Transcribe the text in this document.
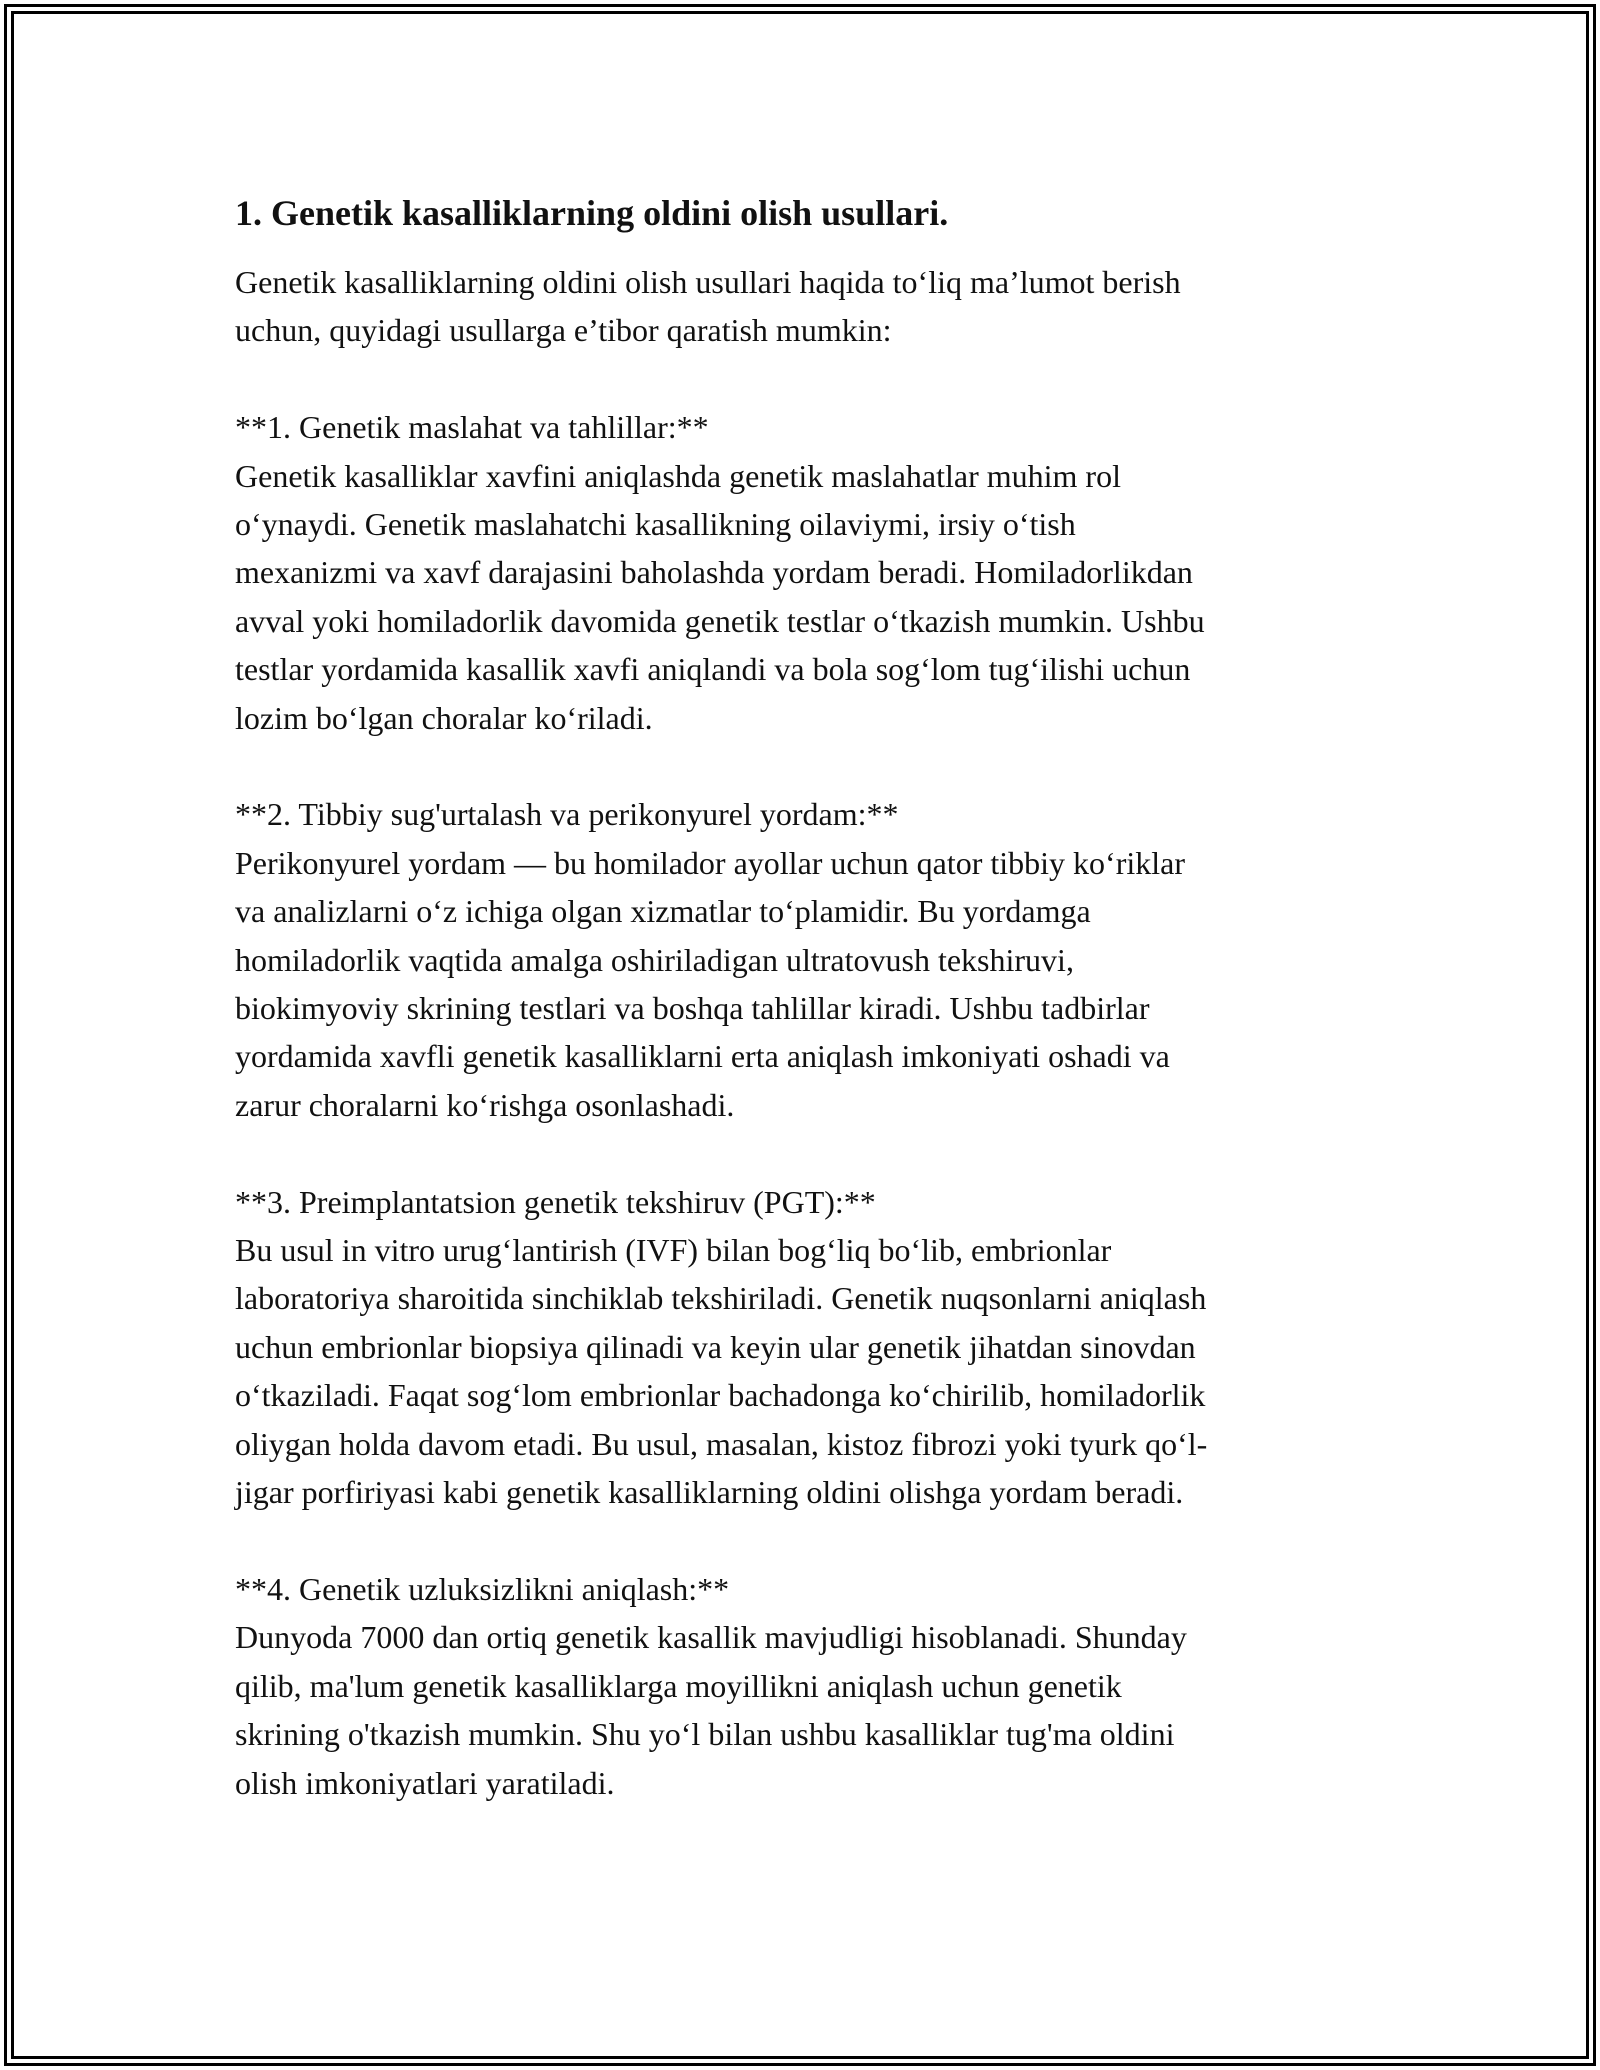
1. Genetik kasalliklarning oldini olish usullari.

Genetik kasalliklarning oldini olish usullari haqida to‘liq ma’lumot berish
uchun, quyidagi usullarga e’tibor qaratish mumkin:

**1. Genetik maslahat va tahlillar:**

Genetik kasalliklar xavfini aniqlashda genetik maslahatlar muhim rol
o‘ynaydi. Genetik maslahatchi kasallikning oilaviymi, irsiy o‘tish
mexanizmi va xavf darajasini baholashda yordam beradi. Homiladorlikdan
avval yoki homiladorlik davomida genetik testlar o‘tkazish mumkin. Ushbu
testlar yordamida kasallik xavfi aniqlandi va bola sog‘lom tug‘ilishi uchun
lozim bo‘lgan choralar ko‘riladi.

**2. Tibbiy sug'urtalash va perikonyurel yordam:**

Perikonyurel yordam — bu homilador ayollar uchun qator tibbiy ko‘riklar
va analizlarni o‘z ichiga olgan xizmatlar to‘plamidir. Bu yordamga
homiladorlik vaqtida amalga oshiriladigan ultratovush tekshiruvi,
biokimyoviy skrining testlari va boshqa tahlillar kiradi. Ushbu tadbirlar
yordamida xavfli genetik kasalliklarni erta aniqlash imkoniyati oshadi va
zarur choralarni ko‘rishga osonlashadi.

**3. Preimplantatsion genetik tekshiruv (PGT):**

Bu usul in vitro urug‘lantirish (IVF) bilan bog‘liq bo‘lib, embrionlar
laboratoriya sharoitida sinchiklab tekshiriladi. Genetik nuqsonlarni aniqlash
uchun embrionlar biopsiya qilinadi va keyin ular genetik jihatdan sinovdan
o‘tkaziladi. Faqat sog‘lom embrionlar bachadonga ko‘chirilib, homiladorlik
oliygan holda davom etadi. Bu usul, masalan, kistoz fibrozi yoki tyurk qo‘l-
jigar porfiriyasi kabi genetik kasalliklarning oldini olishga yordam beradi.

**4. Genetik uzluksizlikni aniqlash:**

Dunyoda 7000 dan ortiq genetik kasallik mavjudligi hisoblanadi. Shunday
qilib, ma'lum genetik kasalliklarga moyillikni aniqlash uchun genetik
skrining o'tkazish mumkin. Shu yo‘l bilan ushbu kasalliklar tug'ma oldini
olish imkoniyatlari yaratiladi.
